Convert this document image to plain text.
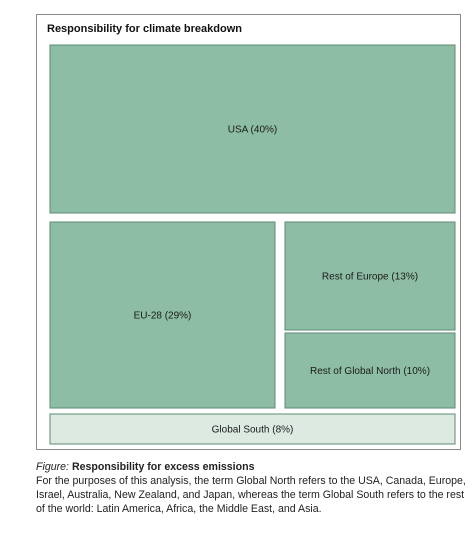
Responsibility for climate breakdown

USA (40%)
EU-28 (29%)
Rest of Europe (13%)
Rest of Global North (10%)
Global South (8%)
Figure: Responsibility for excess emissions
For the purposes of this analysis, the term Global North refers to the USA, Canada, Europe, Israel, Australia, New Zealand, and Japan, whereas the term Global South refers to the rest of the world: Latin America, Africa, the Middle East, and Asia.
